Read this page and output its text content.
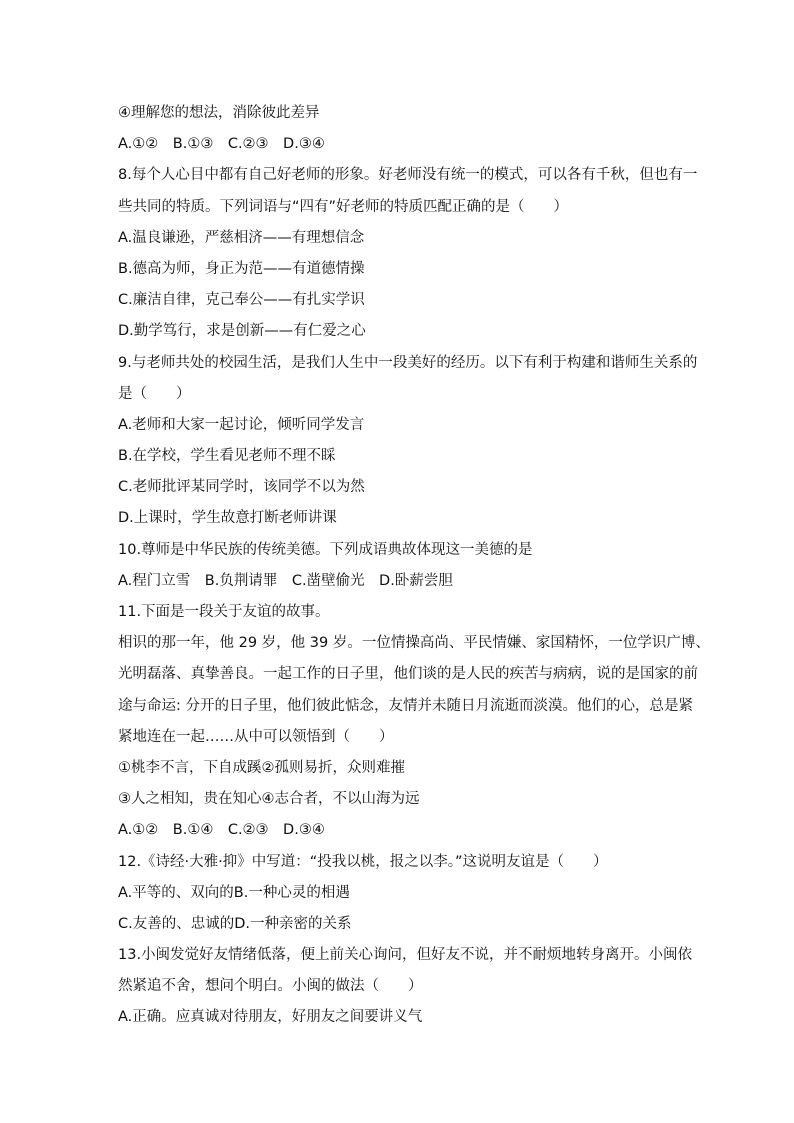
④理解您的想法，消除彼此差异
A.①②　B.①③　C.②③　D.③④
8.每个人心目中都有自己好老师的形象。好老师没有统一的模式，可以各有千秋，但也有一
些共同的特质。下列词语与“四有”好老师的特质匹配正确的是（　　）
A.温良谦逊，严慈相济——有理想信念
B.德高为师，身正为范——有道德情操
C.廉洁自律，克己奉公——有扎实学识
D.勤学笃行，求是创新——有仁爱之心
9.与老师共处的校园生活，是我们人生中一段美好的经历。以下有利于构建和谐师生关系的
是（　　）
A.老师和大家一起讨论，倾听同学发言
B.在学校，学生看见老师不理不睬
C.老师批评某同学时，该同学不以为然
D.上课时，学生故意打断老师讲课
10.尊师是中华民族的传统美德。下列成语典故体现这一美德的是
A.程门立雪　B.负荆请罪　C.凿壁偷光　D.卧薪尝胆
11.下面是一段关于友谊的故事。
相识的那一年，他 29 岁，他 39 岁。一位情操高尚、平民情嫌、家国精怀，一位学识广博、
光明磊落、真挚善良。一起工作的日子里，他们谈的是人民的疾苦与病病，说的是国家的前
途与命运: 分开的日子里，他们彼此惦念，友情并未随日月流逝而淡漠。他们的心，总是紧
紧地连在一起……从中可以领悟到（　　）
①桃李不言，下自成蹊②孤则易折，众则难摧
③人之相知，贵在知心④志合者，不以山海为远
A.①②　B.①④　C.②③　D.③④
12.《诗经·大雅·抑》中写道：“投我以桃，报之以李。”这说明友谊是（　　）
A.平等的、双向的B.一种心灵的相遇
C.友善的、忠诚的D.一种亲密的关系
13.小闽发觉好友情绪低落，便上前关心询问，但好友不说，并不耐烦地转身离开。小闽依
然紧追不舍，想问个明白。小闽的做法（　　）
A.正确。应真诚对待朋友，好朋友之间要讲义气
